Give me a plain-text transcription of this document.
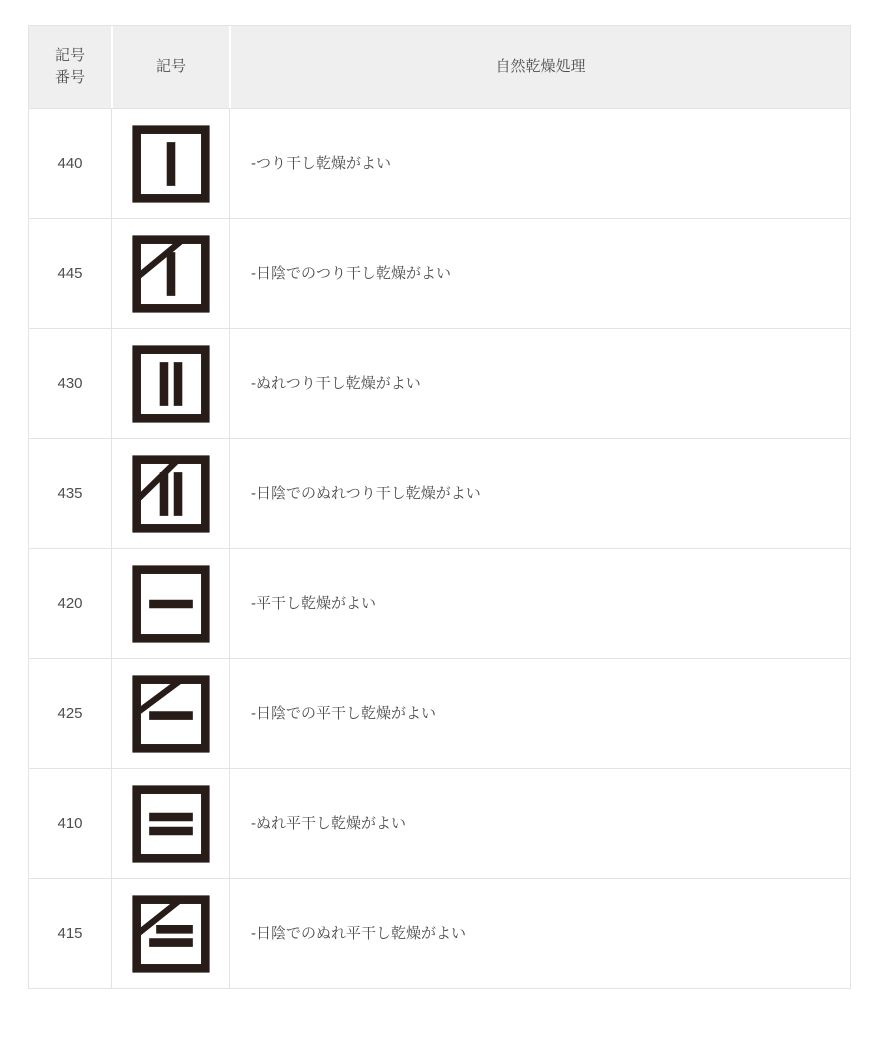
記号
番号
記号	自然乾燥処理
440	-つり干し乾燥がよい
445	-日陰でのつり干し乾燥がよい
430	-ぬれつり干し乾燥がよい
435	-日陰でのぬれつり干し乾燥がよい
420	-平干し乾燥がよい
425	-日陰での平干し乾燥がよい
410	-ぬれ平干し乾燥がよい
415	-日陰でのぬれ平干し乾燥がよい
